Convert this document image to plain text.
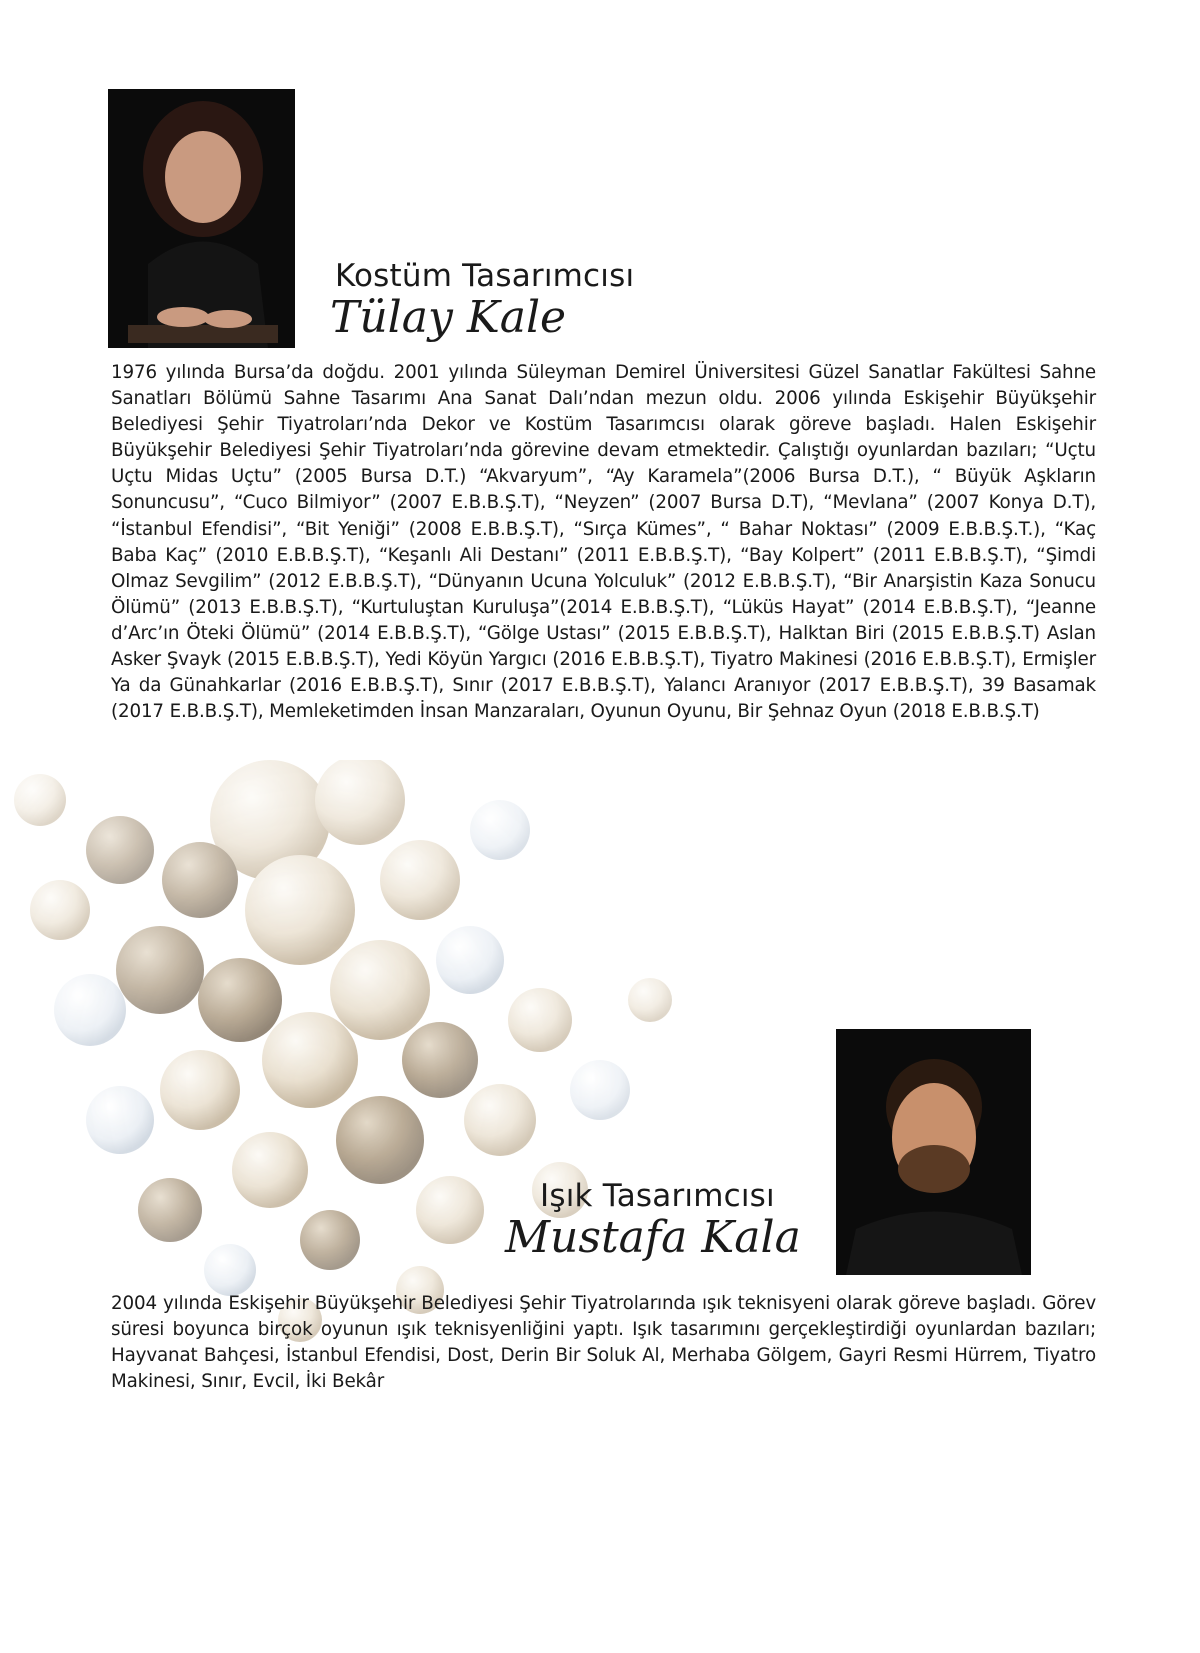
Kostüm Tasarımcısı
Tülay Kale

1976 yılında Bursa’da doğdu. 2001 yılında Süleyman Demirel Üniversitesi Güzel Sanatlar Fakültesi Sahne Sanatları Bölümü Sahne Tasarımı Ana Sanat Dalı’ndan mezun oldu. 2006 yılında Eskişehir Büyükşehir Belediyesi Şehir Tiyatroları’nda Dekor ve Kostüm Tasarımcısı olarak göreve başladı. Halen Eskişehir Büyükşehir Belediyesi Şehir Tiyatroları’nda görevine devam etmektedir. Çalıştığı oyunlardan bazıları; “Uçtu Uçtu Midas Uçtu” (2005 Bursa D.T.) “Akvaryum”, “Ay Karamela”(2006 Bursa D.T.), “ Büyük Aşkların Sonuncusu”, “Cuco Bilmiyor” (2007 E.B.B.Ş.T), “Neyzen” (2007 Bursa D.T), “Mevlana” (2007 Konya D.T), “İstanbul Efendisi”, “Bit Yeniği” (2008 E.B.B.Ş.T), “Sırça Kümes”, “ Bahar Noktası” (2009 E.B.B.Ş.T.), “Kaç Baba Kaç” (2010 E.B.B.Ş.T), “Keşanlı Ali Destanı” (2011 E.B.B.Ş.T), “Bay Kolpert” (2011 E.B.B.Ş.T), “Şimdi Olmaz Sevgilim” (2012 E.B.B.Ş.T), “Dünyanın Ucuna Yolculuk” (2012 E.B.B.Ş.T), “Bir Anarşistin Kaza Sonucu Ölümü” (2013 E.B.B.Ş.T), “Kurtuluştan Kuruluşa”(2014 E.B.B.Ş.T), “Lüküs Hayat” (2014 E.B.B.Ş.T), “Jeanne d’Arc’ın Öteki Ölümü” (2014 E.B.B.Ş.T), “Gölge Ustası” (2015 E.B.B.Ş.T), Halktan Biri (2015 E.B.B.Ş.T) Aslan Asker Şvayk (2015 E.B.B.Ş.T), Yedi Köyün Yargıcı (2016 E.B.B.Ş.T), Tiyatro Makinesi (2016 E.B.B.Ş.T), Ermişler Ya da Günahkarlar (2016 E.B.B.Ş.T), Sınır (2017 E.B.B.Ş.T), Yalancı Aranıyor (2017 E.B.B.Ş.T), 39 Basamak (2017 E.B.B.Ş.T), Memleketimden İnsan Manzaraları, Oyunun Oyunu, Bir Şehnaz Oyun (2018 E.B.B.Ş.T)

Işık Tasarımcısı
Mustafa Kala

2004 yılında Eskişehir Büyükşehir Belediyesi Şehir Tiyatrolarında ışık teknisyeni olarak göreve başladı. Görev süresi boyunca birçok oyunun ışık teknisyenliğini yaptı. Işık tasarımını gerçekleştirdiği oyunlardan bazıları; Hayvanat Bahçesi, İstanbul Efendisi, Dost, Derin Bir Soluk Al, Merhaba Gölgem, Gayri Resmi Hürrem, Tiyatro Makinesi, Sınır, Evcil, İki Bekâr
